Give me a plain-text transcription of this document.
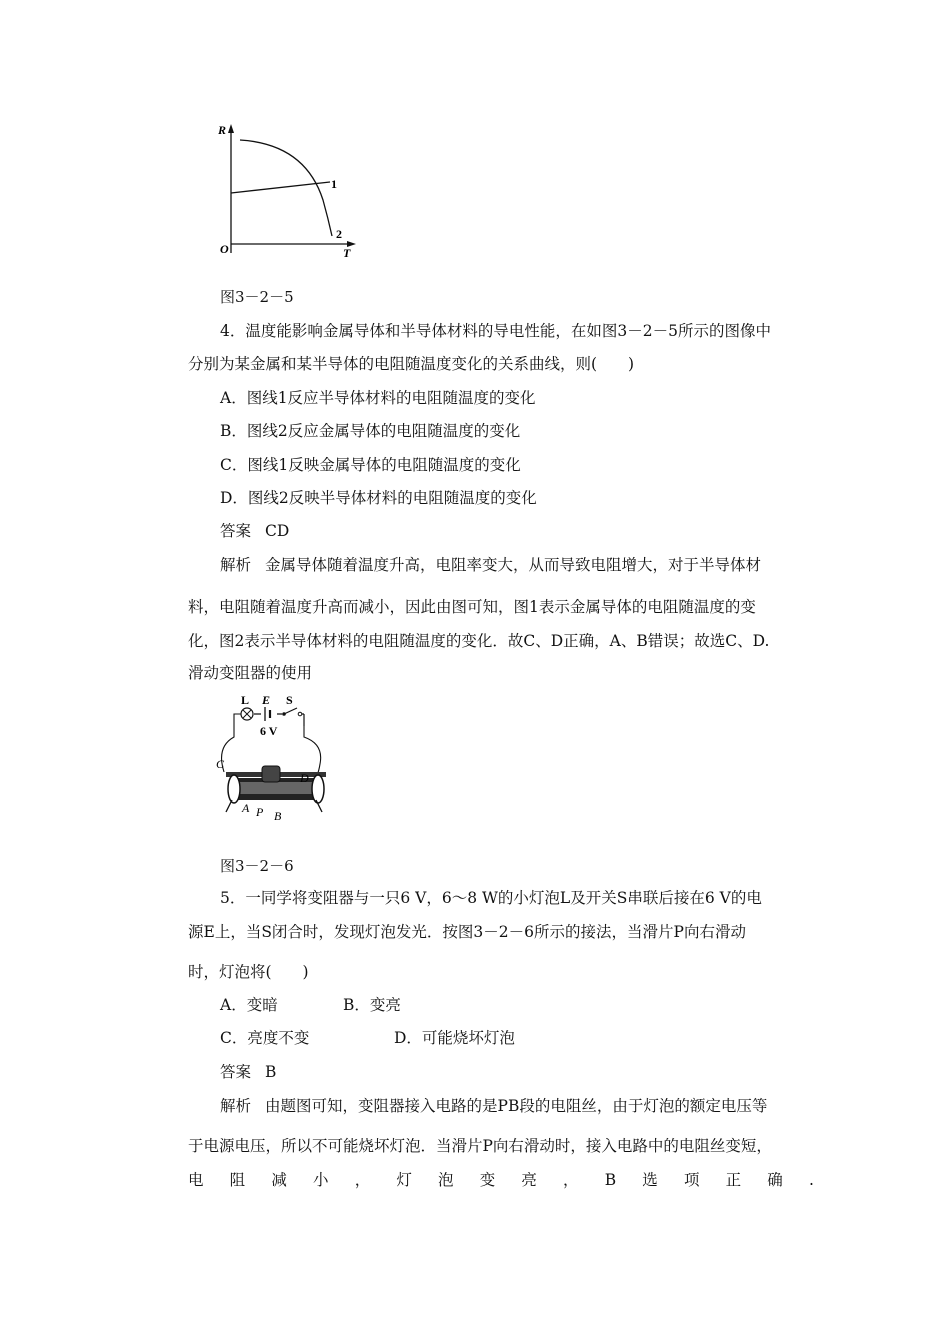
R
T
O
1
2
图3－2－5
4．温度能影响金属导体和半导体材料的导电性能，在如图3－2－5所示的图像中
分别为某金属和某半导体的电阻随温度变化的关系曲线，则(　　)
A．图线1反应半导体材料的电阻随温度的变化
B．图线2反应金属导体的电阻随温度的变化
C．图线1反映金属导体的电阻随温度的变化
D．图线2反映半导体材料的电阻随温度的变化
答案 CD
解析 金属导体随着温度升高，电阻率变大，从而导致电阻增大，对于半导体材
料，电阻随着温度升高而减小，因此由图可知，图1表示金属导体的电阻随温度的变
化，图2表示半导体材料的电阻随温度的变化．故C、D正确，A、B错误；故选C、D.
滑动变阻器的使用
L E S
6 V
C
D
A P B
图3－2－6
5．一同学将变阻器与一只6 V，6～8 W的小灯泡L及开关S串联后接在6 V的电
源E上，当S闭合时，发现灯泡发光．按图3－2－6所示的接法，当滑片P向右滑动
时，灯泡将(　　)
A．变暗	B．变亮
C．亮度不变	D．可能烧坏灯泡
答案 B
解析 由题图可知，变阻器接入电路的是PB段的电阻丝，由于灯泡的额定电压等
于电源电压，所以不可能烧坏灯泡．当滑片P向右滑动时，接入电路中的电阻丝变短，
电 阻 减 小 ， 灯 泡 变 亮 ， B 选 项 正 确 .
